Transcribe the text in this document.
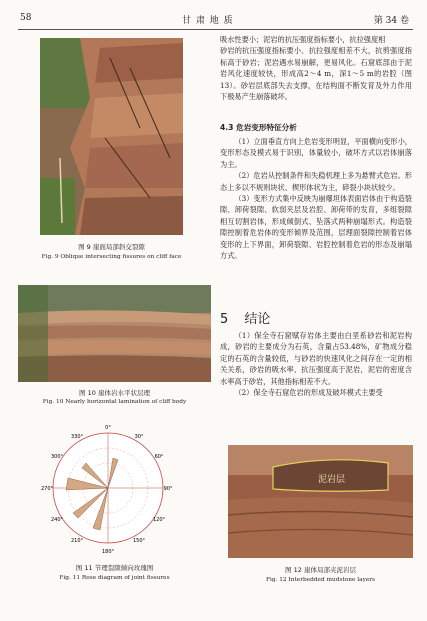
58	甘 肃 地 质	第 34 卷
图 9 崖面局部斜交裂隙
Fig. 9 Oblique intersecting fissures on cliff face
图 10 崖体岩水平状层理
Fig. 10 Nearly horizontal lamination of cliff body
0°
180°
90°
270°
30°
60°
120°
150°
210°
240°
300°
330°
图 11 节理裂隙倾向玫瑰图
Fig. 11 Rose diagram of joint fissures

吸水性要小；泥岩的抗压强度指标要小，抗拉强度相

砂岩的抗压强度指标要小、抗拉强度相差不大，抗剪强度指标高于砂岩；泥岩遇水易崩解，更易风化。石窟底部由于泥岩风化速度较快，形成高2～4 m，深1～5 m的岩腔（图13）。砂岩层底部失去支撑，在结构面不断发育及外力作用下极易产生崩落破坏。

4.3 危岩变形特征分析

（1）立面垂直方向上危岩变形明显，平面横向变形小，变形形态及模式易于识别，体量较小，破坏方式以岩体崩落为主。

（2）危岩从控制条件和失稳机理上多为悬臂式危岩。形态上多以不规则块状、楔形体状为主，碎裂小块状较少。

（3）变形方式集中反映为崩爆坦体表面岩体由于构造裂隙、卸荷裂隙、软弱夹层及岩腔、卸荷带的发育，多组裂隙相互切割岩体，形成倾倒式、坠落式两种崩塌形式。构造裂隙控制着危岩体的变形倾界及范围，层理面裂隙控制着岩体变形的上下界面，卸荷裂隙、岩腔控制着危岩的形态及崩塌方式。

5 结论

（1）保全寺石窟赋存岩体主要由白垩系砂岩和泥岩构成，砂岩的主要成分为石英，含量占53.48%，矿物成分稳定的石英的含量较低，与砂岩的快速风化之间存在一定的相关关系，砂岩的吸水率、抗压强度高于泥岩，泥岩的密度含水率高于砂岩，其他指标相差不大。

（2）保全寺石窟危岩的形成及破坏模式主要受

泥岩层
图 12 崖体局部夹泥岩层
Fig. 12 Interbedded mudstone layers
